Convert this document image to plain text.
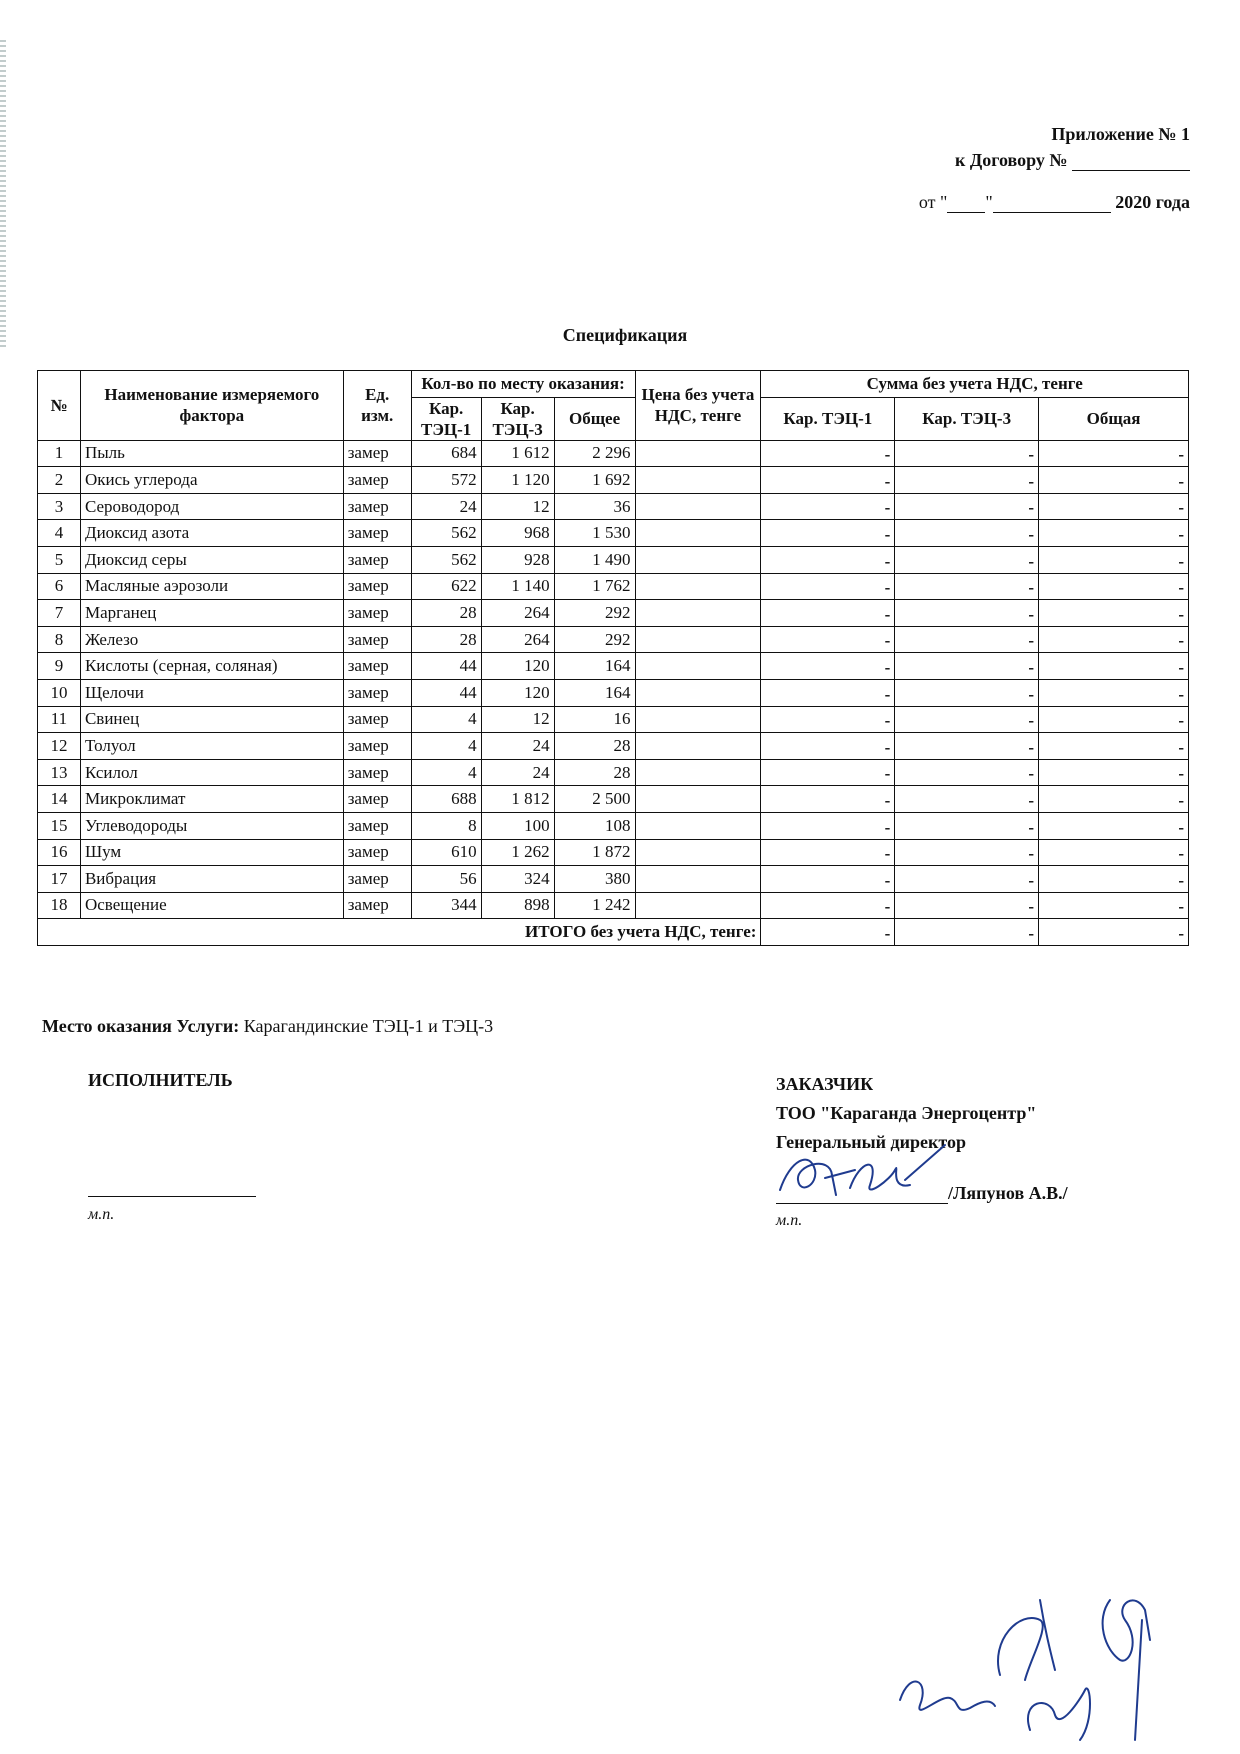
Приложение № 1
к Договору №
от " "	2020 года
Спецификация
№	Наименование измеряемого фактора	Ед. изм.	Кол-во по месту оказания:			Цена без учета НДС, тенге	Сумма без учета НДС, тенге		
			Кар. ТЭЦ-1	Кар. ТЭЦ-3	Общее		Кар. ТЭЦ-1	Кар. ТЭЦ-3	Общая
1	Пыль	замер	684	1 612	2 296		-	-	-
2	Окись углерода	замер	572	1 120	1 692		-	-	-
3	Сероводород	замер	24	12	36		-	-	-
4	Диоксид азота	замер	562	968	1 530		-	-	-
5	Диоксид серы	замер	562	928	1 490		-	-	-
6	Масляные аэрозоли	замер	622	1 140	1 762		-	-	-
7	Марганец	замер	28	264	292		-	-	-
8	Железо	замер	28	264	292		-	-	-
9	Кислоты (серная, соляная)	замер	44	120	164		-	-	-
10	Щелочи	замер	44	120	164		-	-	-
11	Свинец	замер	4	12	16		-	-	-
12	Толуол	замер	4	24	28		-	-	-
13	Ксилол	замер	4	24	28		-	-	-
14	Микроклимат	замер	688	1 812	2 500		-	-	-
15	Углеводороды	замер	8	100	108		-	-	-
16	Шум	замер	610	1 262	1 872		-	-	-
17	Вибрация	замер	56	324	380		-	-	-
18	Освещение	замер	344	898	1 242		-	-	-
ИТОГО без учета НДС, тенге:							-	-	-
Место оказания Услуги: Карагандинские ТЭЦ-1 и ТЭЦ-3
ИСПОЛНИТЕЛЬ
м.п.
ЗАКАЗЧИК
ТОО "Караганда Энергоцентр"
Генеральный директор
/Ляпунов А.В./
м.п.
